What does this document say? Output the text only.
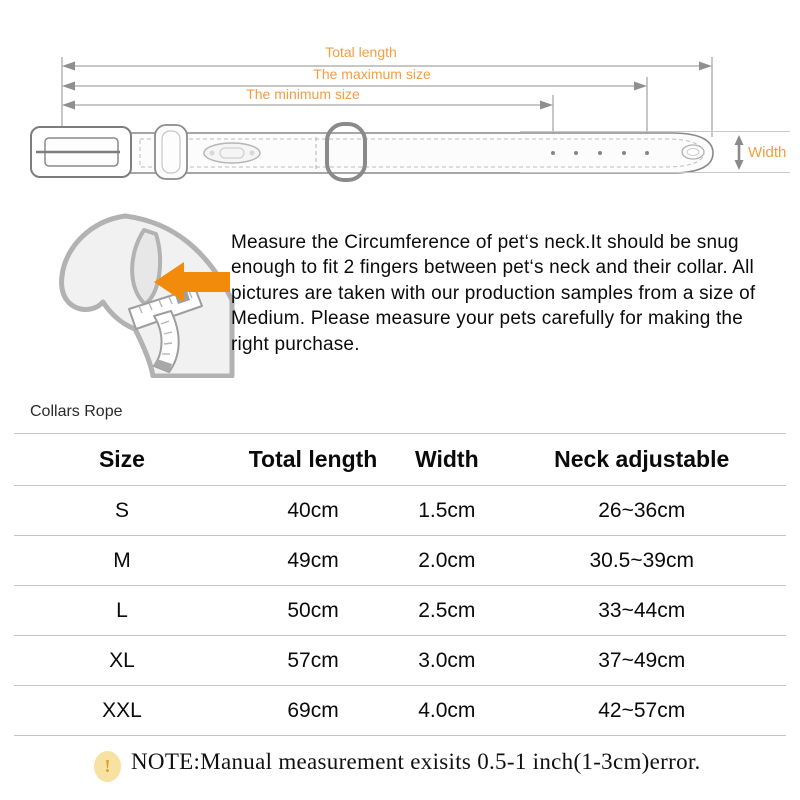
Total length
The maximum size
The minimum size
Width
Measure the Circumference of pet‘s neck.It should be snug enough to fit 2 fingers between pet‘s neck and their collar. All pictures are taken with our production samples from a size of Medium. Please measure your pets carefully for making the right purchase.
Collars Rope
Size	Total length	Width	Neck adjustable
S	40cm	1.5cm	26~36cm
M	49cm	2.0cm	30.5~39cm
L	50cm	2.5cm	33~44cm
XL	57cm	3.0cm	37~49cm
XXL	69cm	4.0cm	42~57cm
! NOTE:Manual measurement exisits 0.5-1 inch(1-3cm)error.
